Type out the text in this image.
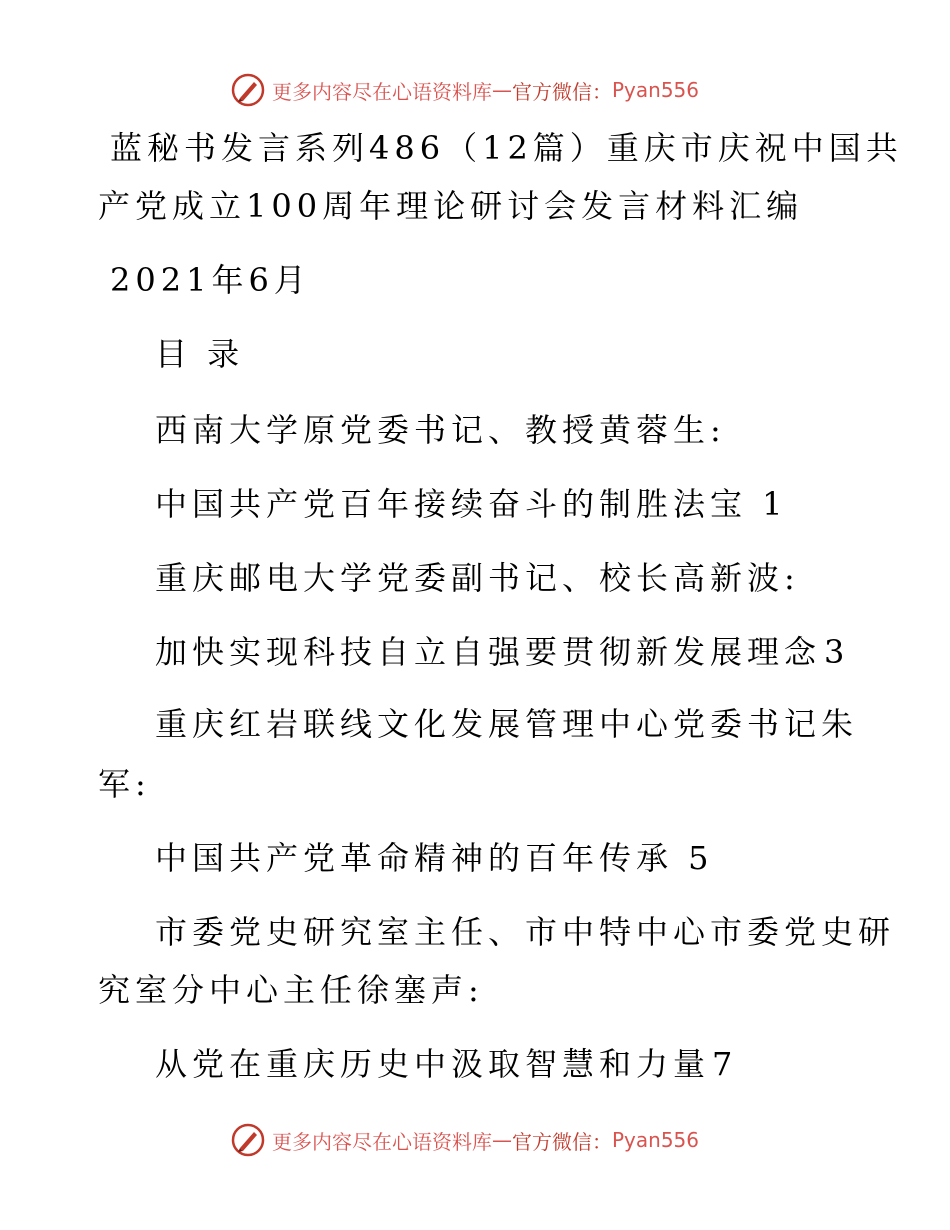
更多内容尽在心语资料库 — 官方微信： Pyan556
蓝秘书发言系列486（12篇）重庆市庆祝中国共
产党成立100周年理论研讨会发言材料汇编
2021年6月
目 录
西南大学原党委书记、教授黄蓉生:
中国共产党百年接续奋斗的制胜法宝 1
重庆邮电大学党委副书记、校长高新波:
加快实现科技自立自强要贯彻新发展理念 3
重庆红岩联线文化发展管理中心党委书记朱
军:
中国共产党革命精神的百年传承 5
市委党史研究室主任、市中特中心市委党史研
究室分中心主任徐塞声:
从党在重庆历史中汲取智慧和力量 7
更多内容尽在心语资料库 — 官方微信： Pyan556
